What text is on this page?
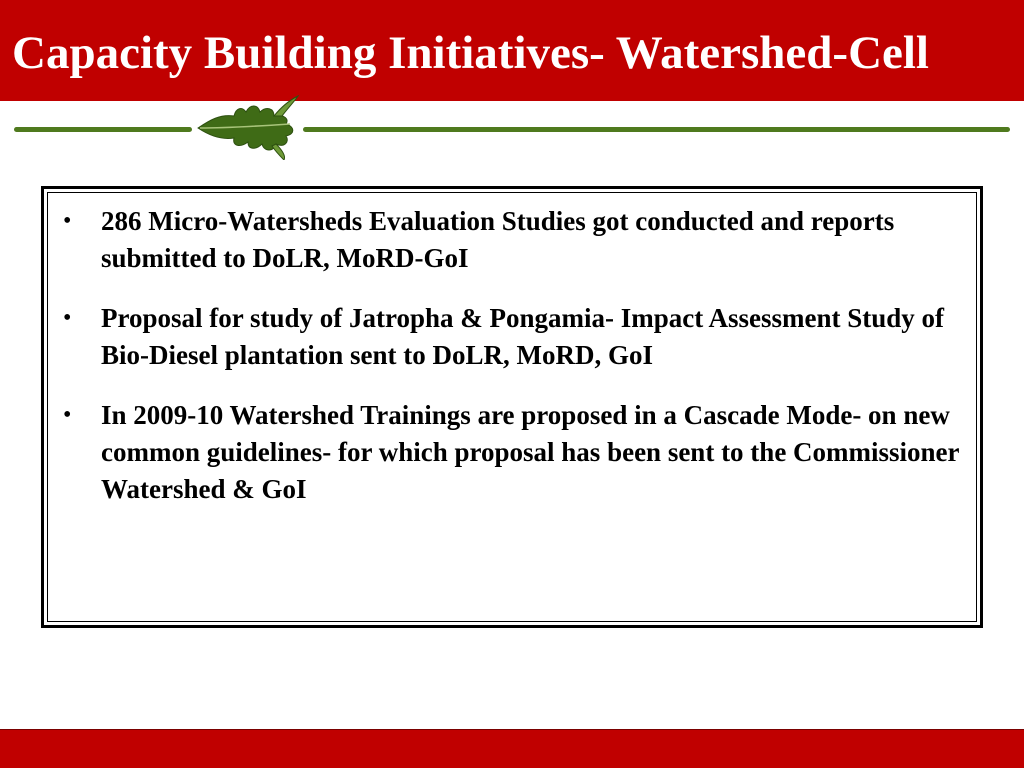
Capacity Building Initiatives- Watershed-Cell
• 286 Micro-Watersheds Evaluation Studies got conducted and reports submitted to DoLR, MoRD-GoI
• Proposal for study of Jatropha & Pongamia- Impact Assessment Study of Bio-Diesel plantation sent to DoLR, MoRD, GoI
• In 2009-10 Watershed Trainings are proposed in a Cascade Mode- on new common guidelines- for which proposal has been sent to the Commissioner Watershed & GoI
